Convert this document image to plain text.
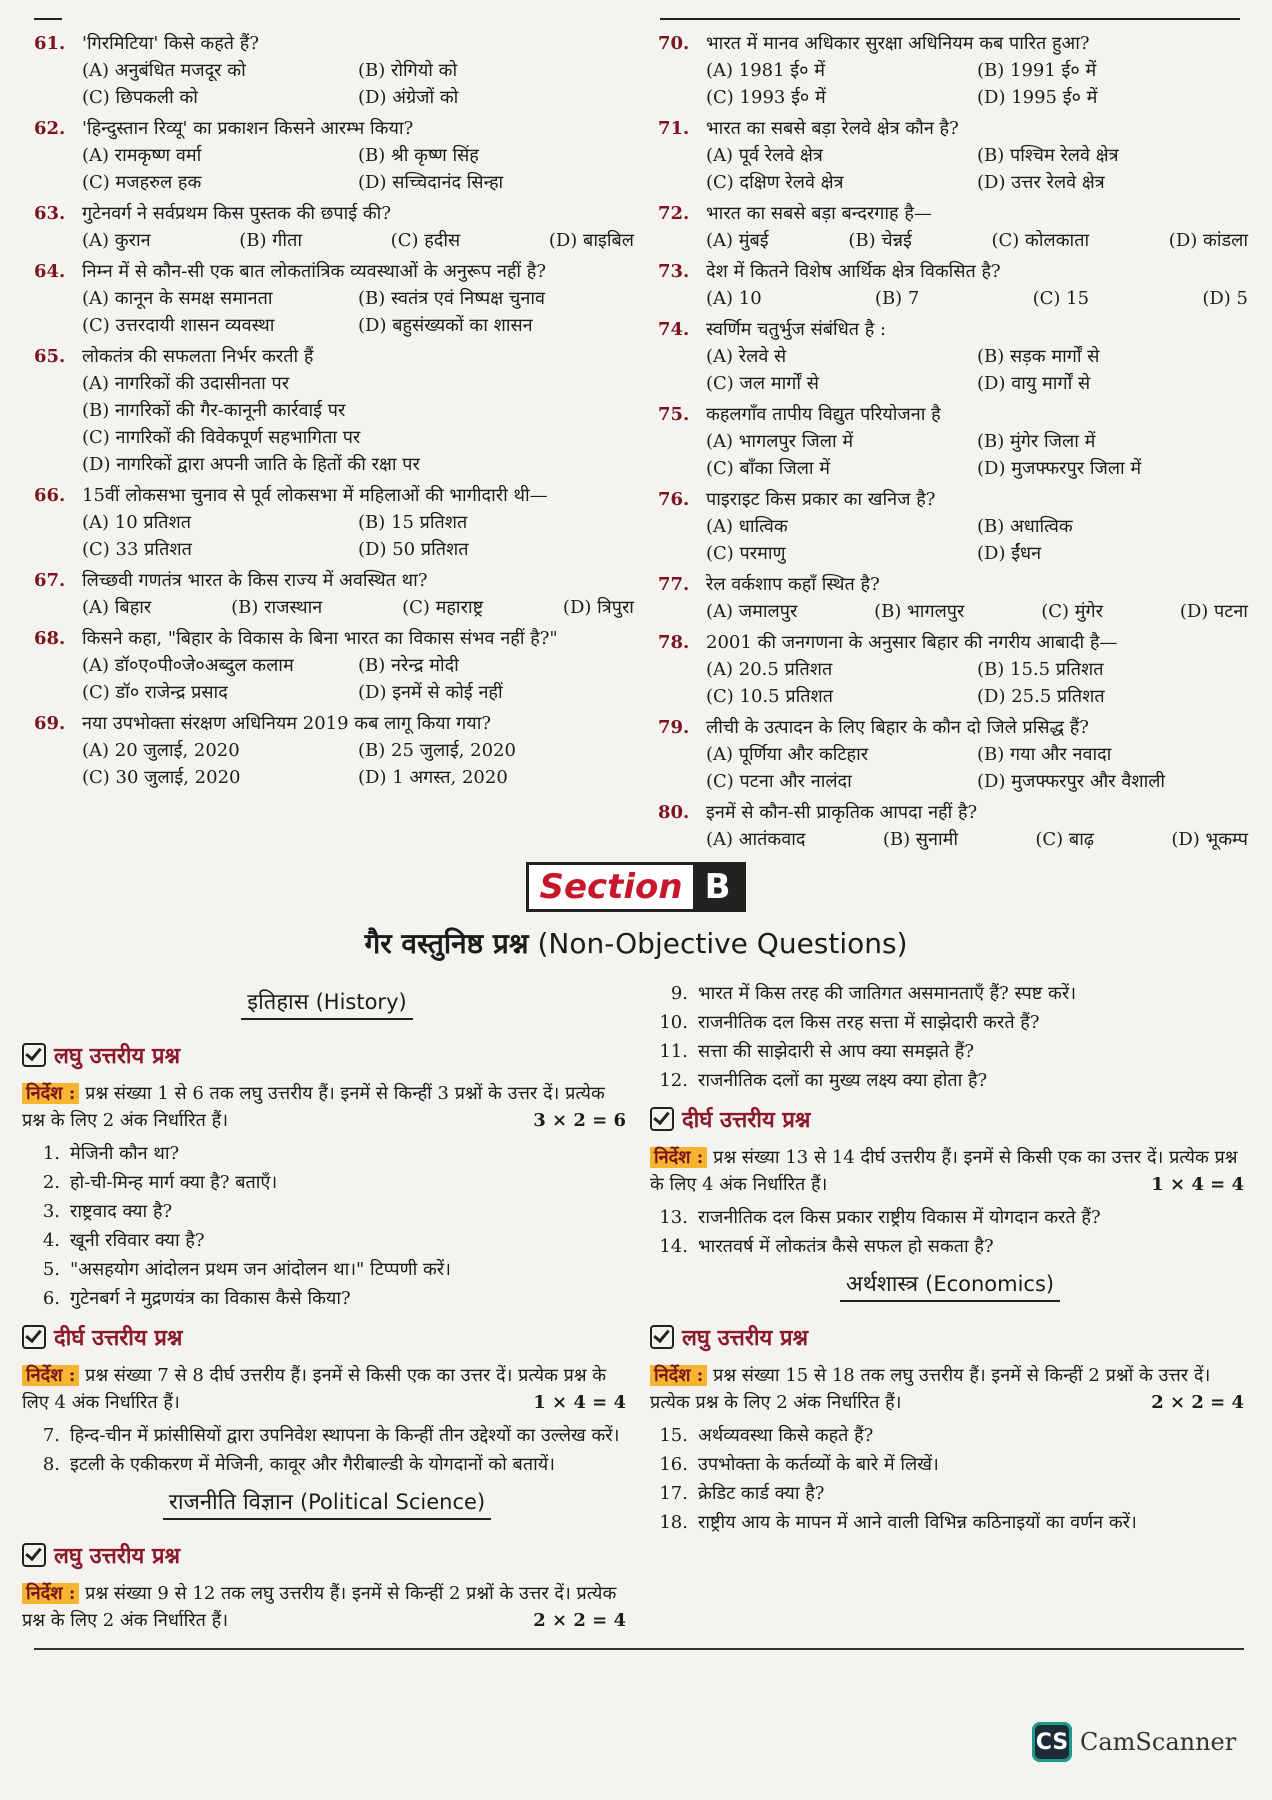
61. 'गिरमिटिया' किसे कहते हैं?
(A) अनुबंधित मजदूर को	(B) रोगियो को
(C) छिपकली को	(D) अंग्रेजों को
62. 'हिन्दुस्तान रिव्यू' का प्रकाशन किसने आरम्भ किया?
(A) रामकृष्ण वर्मा	(B) श्री कृष्ण सिंह
(C) मजहरुल हक	(D) सच्चिदानंद सिन्हा
63. गुटेनवर्ग ने सर्वप्रथम किस पुस्तक की छपाई की?
(A) कुरान	(B) गीता	(C) हदीस	(D) बाइबिल
64. निम्न में से कौन-सी एक बात लोकतांत्रिक व्यवस्थाओं के अनुरूप नहीं है?
(A) कानून के समक्ष समानता	(B) स्वतंत्र एवं निष्पक्ष चुनाव
(C) उत्तरदायी शासन व्यवस्था	(D) बहुसंख्यकों का शासन
65. लोकतंत्र की सफलता निर्भर करती हैं
(A) नागरिकों की उदासीनता पर
(B) नागरिकों की गैर-कानूनी कार्रवाई पर
(C) नागरिकों की विवेकपूर्ण सहभागिता पर
(D) नागरिकों द्वारा अपनी जाति के हितों की रक्षा पर
66. 15वीं लोकसभा चुनाव से पूर्व लोकसभा में महिलाओं की भागीदारी थी—
(A) 10 प्रतिशत	(B) 15 प्रतिशत
(C) 33 प्रतिशत	(D) 50 प्रतिशत
67. लिच्छवी गणतंत्र भारत के किस राज्य में अवस्थित था?
(A) बिहार	(B) राजस्थान	(C) महाराष्ट्र	(D) त्रिपुरा
68. किसने कहा, "बिहार के विकास के बिना भारत का विकास संभव नहीं है?"
(A) डॉ०ए०पी०जे०अब्दुल कलाम	(B) नरेन्द्र मोदी
(C) डॉ० राजेन्द्र प्रसाद	(D) इनमें से कोई नहीं
69. नया उपभोक्ता संरक्षण अधिनियम 2019 कब लागू किया गया?
(A) 20 जुलाई, 2020	(B) 25 जुलाई, 2020
(C) 30 जुलाई, 2020	(D) 1 अगस्त, 2020
70. भारत में मानव अधिकार सुरक्षा अधिनियम कब पारित हुआ?
(A) 1981 ई० में	(B) 1991 ई० में
(C) 1993 ई० में	(D) 1995 ई० में
71. भारत का सबसे बड़ा रेलवे क्षेत्र कौन है?
(A) पूर्व रेलवे क्षेत्र	(B) पश्चिम रेलवे क्षेत्र
(C) दक्षिण रेलवे क्षेत्र	(D) उत्तर रेलवे क्षेत्र
72. भारत का सबसे बड़ा बन्दरगाह है—
(A) मुंबई	(B) चेन्नई	(C) कोलकाता	(D) कांडला
73. देश में कितने विशेष आर्थिक क्षेत्र विकसित है?
(A) 10	(B) 7	(C) 15	(D) 5
74. स्वर्णिम चतुर्भुज संबंधित है :
(A) रेलवे से	(B) सड़क मार्गों से
(C) जल मार्गों से	(D) वायु मार्गों से
75. कहलगाँव तापीय विद्युत परियोजना है
(A) भागलपुर जिला में	(B) मुंगेर जिला में
(C) बाँका जिला में	(D) मुजफ्फरपुर जिला में
76. पाइराइट किस प्रकार का खनिज है?
(A) धात्विक	(B) अधात्विक
(C) परमाणु	(D) ईंधन
77. रेल वर्कशाप कहाँ स्थित है?
(A) जमालपुर	(B) भागलपुर	(C) मुंगेर	(D) पटना
78. 2001 की जनगणना के अनुसार बिहार की नगरीय आबादी है—
(A) 20.5 प्रतिशत	(B) 15.5 प्रतिशत
(C) 10.5 प्रतिशत	(D) 25.5 प्रतिशत
79. लीची के उत्पादन के लिए बिहार के कौन दो जिले प्रसिद्ध हैं?
(A) पूर्णिया और कटिहार	(B) गया और नवादा
(C) पटना और नालंदा	(D) मुजफ्फरपुर और वैशाली
80. इनमें से कौन-सी प्राकृतिक आपदा नहीं है?
(A) आतंकवाद	(B) सुनामी	(C) बाढ़	(D) भूकम्प
Section B
गैर वस्तुनिष्ठ प्रश्न (Non-Objective Questions)
इतिहास (History)
लघु उत्तरीय प्रश्न
निर्देश : प्रश्न संख्या 1 से 6 तक लघु उत्तरीय हैं। इनमें से किन्हीं 3 प्रश्नों के उत्तर दें। प्रत्येक प्रश्न के लिए 2 अंक निर्धारित हैं।	3 × 2 = 6
1. मेजिनी कौन था?
2. हो-ची-मिन्ह मार्ग क्या है? बताएँ।
3. राष्ट्रवाद क्या है?
4. खूनी रविवार क्या है?
5. "असहयोग आंदोलन प्रथम जन आंदोलन था।" टिप्पणी करें।
6. गुटेनबर्ग ने मुद्रणयंत्र का विकास कैसे किया?
दीर्घ उत्तरीय प्रश्न
निर्देश : प्रश्न संख्या 7 से 8 दीर्घ उत्तरीय हैं। इनमें से किसी एक का उत्तर दें। प्रत्येक प्रश्न के लिए 4 अंक निर्धारित हैं।	1 × 4 = 4
7. हिन्द-चीन में फ्रांसीसियों द्वारा उपनिवेश स्थापना के किन्हीं तीन उद्देश्यों का उल्लेख करें।
8. इटली के एकीकरण में मेजिनी, कावूर और गैरीबाल्डी के योगदानों को बतायें।
राजनीति विज्ञान (Political Science)
लघु उत्तरीय प्रश्न
निर्देश : प्रश्न संख्या 9 से 12 तक लघु उत्तरीय हैं। इनमें से किन्हीं 2 प्रश्नों के उत्तर दें। प्रत्येक प्रश्न के लिए 2 अंक निर्धारित हैं।	2 × 2 = 4
9. भारत में किस तरह की जातिगत असमानताएँ हैं? स्पष्ट करें।
10. राजनीतिक दल किस तरह सत्ता में साझेदारी करते हैं?
11. सत्ता की साझेदारी से आप क्या समझते हैं?
12. राजनीतिक दलों का मुख्य लक्ष्य क्या होता है?
दीर्घ उत्तरीय प्रश्न
निर्देश : प्रश्न संख्या 13 से 14 दीर्घ उत्तरीय हैं। इनमें से किसी एक का उत्तर दें। प्रत्येक प्रश्न के लिए 4 अंक निर्धारित हैं।	1 × 4 = 4
13. राजनीतिक दल किस प्रकार राष्ट्रीय विकास में योगदान करते हैं?
14. भारतवर्ष में लोकतंत्र कैसे सफल हो सकता है?
अर्थशास्त्र (Economics)
लघु उत्तरीय प्रश्न
निर्देश : प्रश्न संख्या 15 से 18 तक लघु उत्तरीय हैं। इनमें से किन्हीं 2 प्रश्नों के उत्तर दें। प्रत्येक प्रश्न के लिए 2 अंक निर्धारित हैं।	2 × 2 = 4
15. अर्थव्यवस्था किसे कहते हैं?
16. उपभोक्ता के कर्तव्यों के बारे में लिखें।
17. क्रेडिट कार्ड क्या है?
18. राष्ट्रीय आय के मापन में आने वाली विभिन्न कठिनाइयों का वर्णन करें।
CS CamScanner
